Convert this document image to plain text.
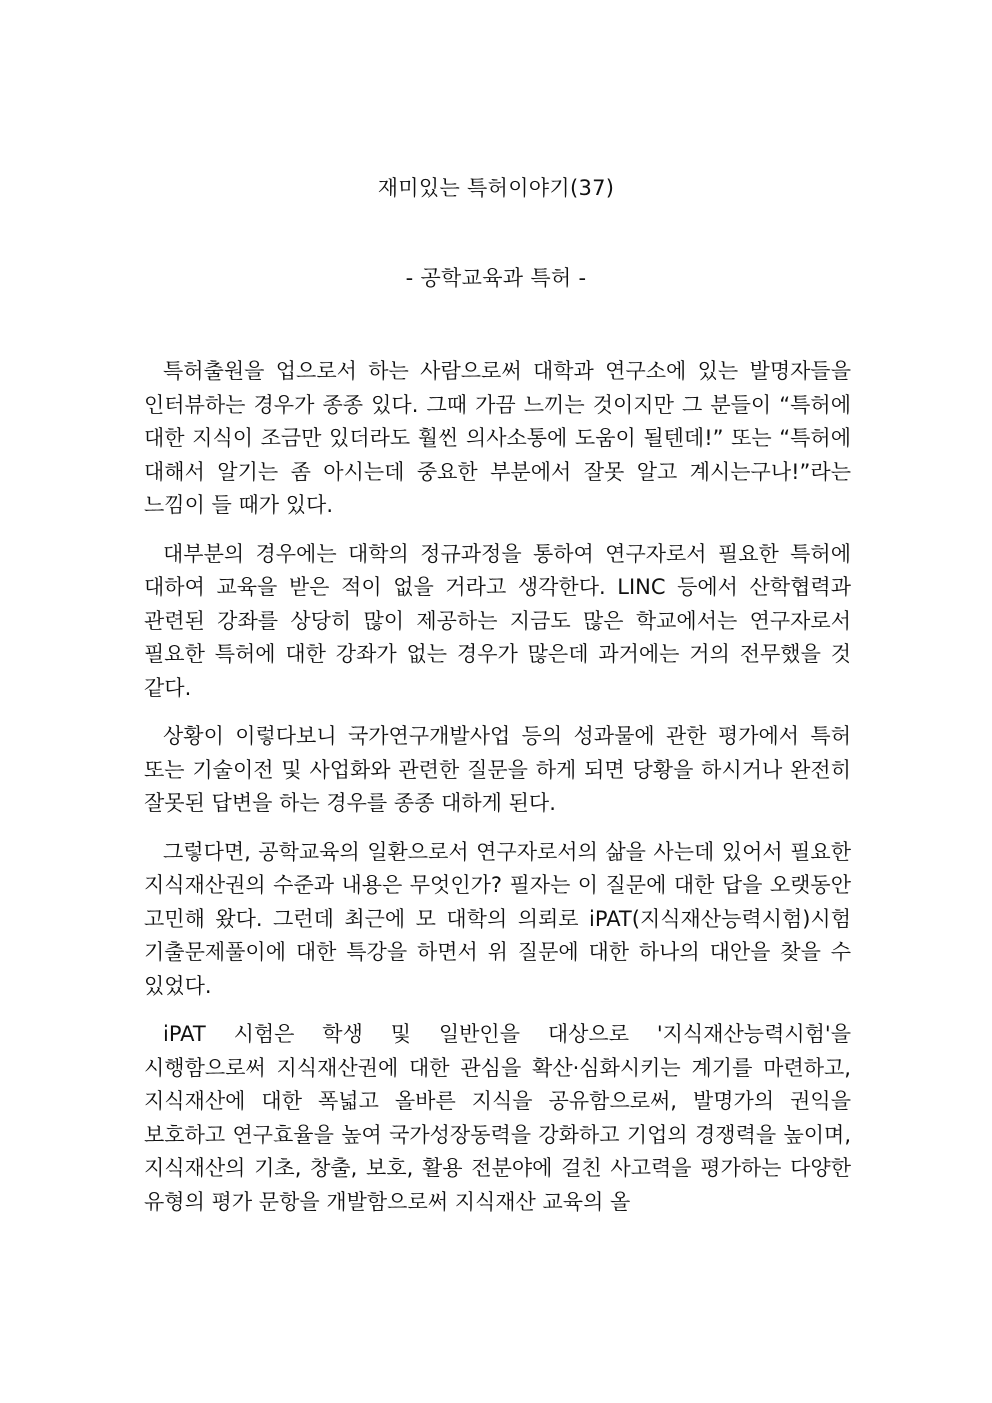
재미있는 특허이야기(37)
- 공학교육과 특허 -

특허출원을 업으로서 하는 사람으로써 대학과 연구소에 있는 발명자들을 인터뷰하는 경우가 종종 있다. 그때 가끔 느끼는 것이지만 그 분들이 “특허에 대한 지식이 조금만 있더라도 훨씬 의사소통에 도움이 될텐데!” 또는 “특허에 대해서 알기는 좀 아시는데 중요한 부분에서 잘못 알고 계시는구나!”라는 느낌이 들 때가 있다.

대부분의 경우에는 대학의 정규과정을 통하여 연구자로서 필요한 특허에 대하여 교육을 받은 적이 없을 거라고 생각한다. LINC 등에서 산학협력과 관련된 강좌를 상당히 많이 제공하는 지금도 많은 학교에서는 연구자로서 필요한 특허에 대한 강좌가 없는 경우가 많은데 과거에는 거의 전무했을 것 같다.

상황이 이렇다보니 국가연구개발사업 등의 성과물에 관한 평가에서 특허 또는 기술이전 및 사업화와 관련한 질문을 하게 되면 당황을 하시거나 완전히 잘못된 답변을 하는 경우를 종종 대하게 된다.

그렇다면, 공학교육의 일환으로서 연구자로서의 삶을 사는데 있어서 필요한 지식재산권의 수준과 내용은 무엇인가? 필자는 이 질문에 대한 답을 오랫동안 고민해 왔다. 그런데 최근에 모 대학의 의뢰로 iPAT(지식재산능력시험)시험 기출문제풀이에 대한 특강을 하면서 위 질문에 대한 하나의 대안을 찾을 수 있었다.

iPAT 시험은 학생 및 일반인을 대상으로 '지식재산능력시험'을 시행함으로써 지식재산권에 대한 관심을 확산·심화시키는 계기를 마련하고, 지식재산에 대한 폭넓고 올바른 지식을 공유함으로써, 발명가의 권익을 보호하고 연구효율을 높여 국가성장동력을 강화하고 기업의 경쟁력을 높이며, 지식재산의 기초, 창출, 보호, 활용 전분야에 걸친 사고력을 평가하는 다양한 유형의 평가 문항을 개발함으로써 지식재산 교육의 올
